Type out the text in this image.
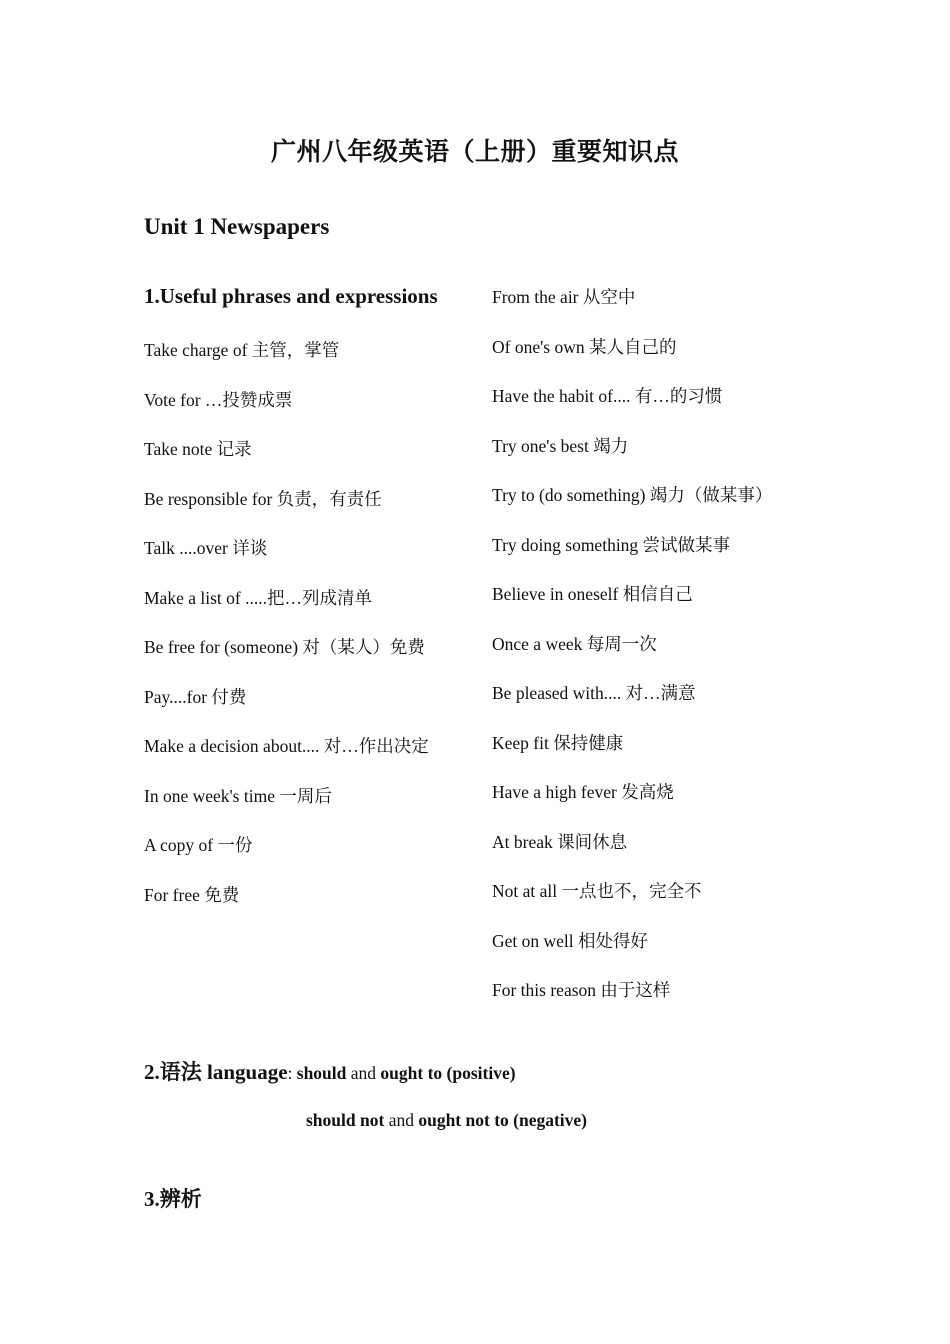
广州八年级英语（上册）重要知识点
Unit 1 Newspapers
1.Useful phrases and expressions
Take charge of 主管，掌管
Vote for …投赞成票
Take note 记录
Be responsible for 负责，有责任
Talk ....over 详谈
Make a list of .....把…列成清单
Be free for (someone) 对（某人）免费
Pay....for 付费
Make a decision about.... 对…作出决定
In one week's time 一周后
A copy of 一份
For free 免费
From the air 从空中
Of one's own 某人自己的
Have the habit of.... 有…的习惯
Try one's best 竭力
Try to (do something) 竭力（做某事）
Try doing something 尝试做某事
Believe in oneself 相信自己
Once a week 每周一次
Be pleased with.... 对…满意
Keep fit 保持健康
Have a high fever 发高烧
At break 课间休息
Not at all 一点也不，完全不
Get on well 相处得好
For this reason 由于这样
2.语法 language: should and ought to (positive)
should not and ought not to (negative)
3.辨析
